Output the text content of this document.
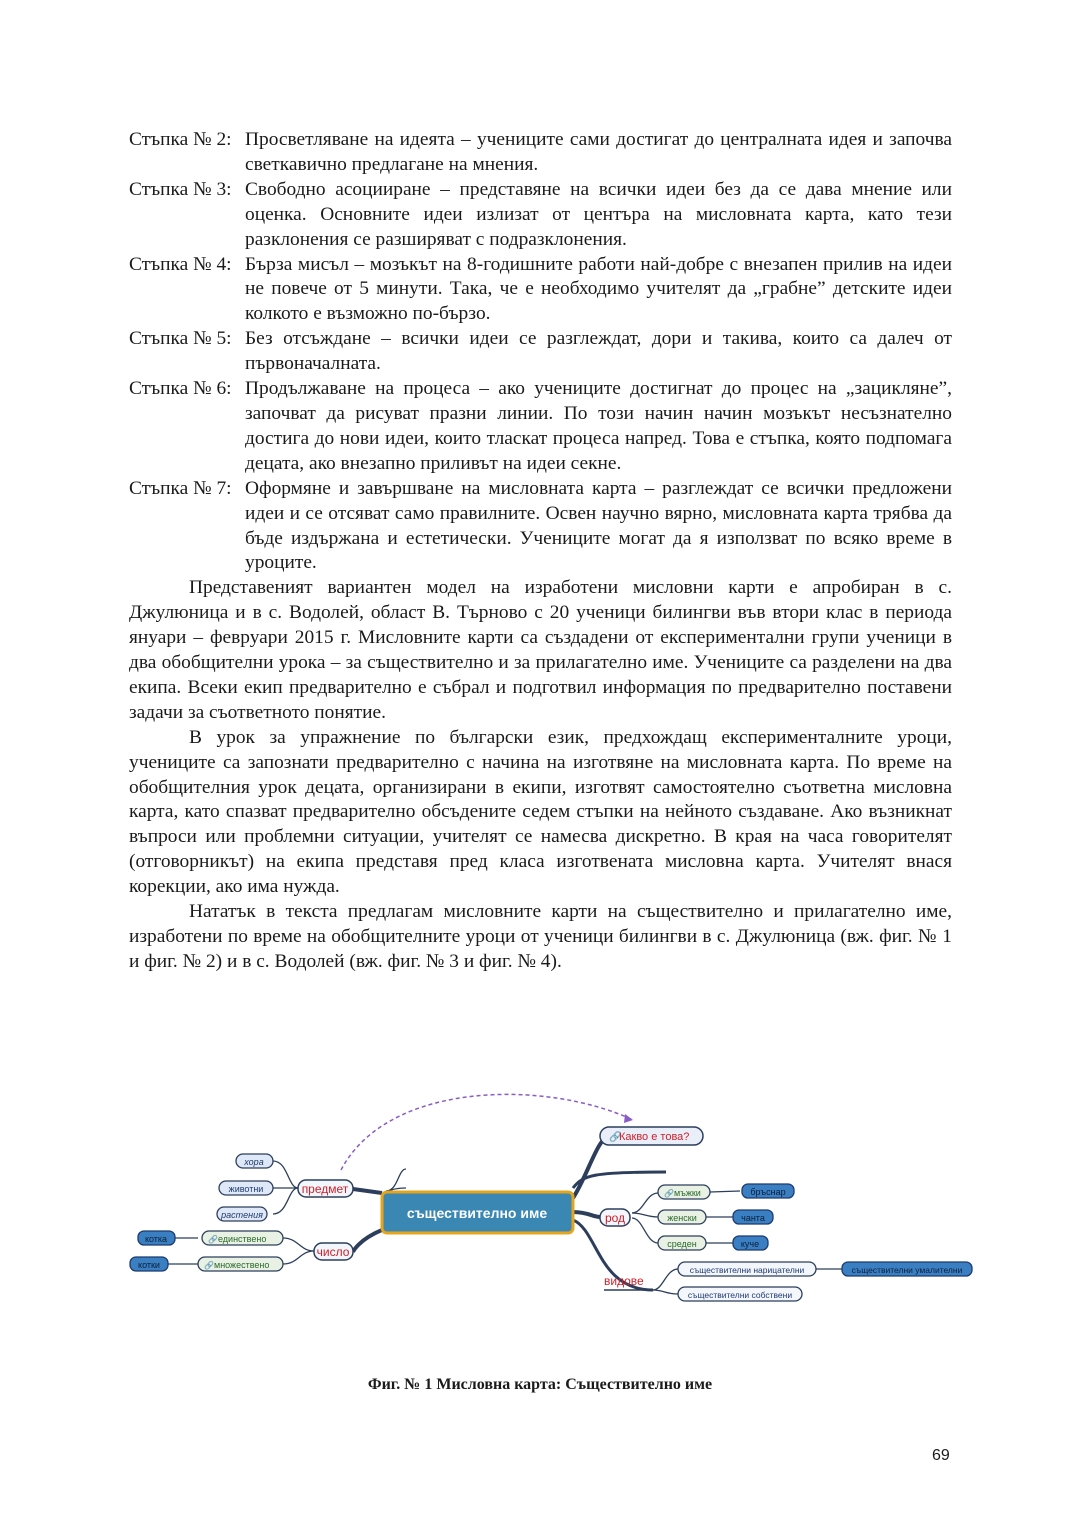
Стъпка № 2: Просветляване на идеята – учениците сами достигат до централната идея и започва светкавично предлагане на мнения.
Стъпка № 3: Свободно асоцииране – представяне на всички идеи без да се дава мнение или оценка. Основните идеи излизат от центъра на мисловната карта, като тези разклонения се разширяват с подразклонения.
Стъпка № 4: Бърза мисъл – мозъкът на 8-годишните работи най-добре с внезапен прилив на идеи не повече от 5 минути. Така, че е необходимо учителят да „грабне” детските идеи колкото е възможно по-бързо.
Стъпка № 5: Без отсъждане – всички идеи се разглеждат, дори и такива, които са далеч от първоначалната.
Стъпка № 6: Продължаване на процеса – ако учениците достигнат до процес на „зациклянe”, започват да рисуват празни линии. По този начин начин мозъкът несъзнателно достига до нови идеи, които тласкат процеса напред. Това е стъпка, която подпомага децата, ако внезапно приливът на идеи секне.
Стъпка № 7: Оформяне и завършване на мисловната карта – разглеждат се всички предложени идеи и се отсяват само правилните. Освен научно вярно, мисловната карта трябва да бъде издържана и естетически. Учениците могат да я използват по всяко време в уроците.
Представеният вариантен модел на изработени мисловни карти е апробиран в с. Джулюница и в с. Водолей, област В. Търново с 20 ученици билингви във втори клас в периода януари – февруари 2015 г. Мисловните карти са създадени от експериментални групи ученици в два обобщителни урока – за съществително и за прилагателно име. Учениците са разделени на два екипа. Всеки екип предварително е събрал и подготвил информация по предварително поставени задачи за съответното понятие.
В урок за упражнение по български език, предхождащ експерименталните уроци, учениците са запознати предварително с начина на изготвяне на мисловната карта. По време на обобщителния урок децата, организирани в екипи, изготвят самостоятелно съответна мисловна карта, като спазват предварително обсъдените седем стъпки на нейното създаване. Ако възникнат въпроси или проблемни ситуации, учителят се намесва дискретно. В края на часа говорителят (отговорникът) на екипа представя пред класа изготвената мисловна карта. Учителят внася корекции, ако има нужда.
Нататък в текста предлагам мисловните карти на съществително и прилагателно име, изработени по време на обобщителните уроци от ученици билингви в с. Джулюница (вж. фиг. № 1 и фиг. № 2) и в с. Водолей (вж. фиг. № 3 и фиг. № 4).
съществително име
🔗
Какво е това?
предмет
хора
животни
растения
число
🔗 единствено
🔗 множествено
котка
котки
род
🔗 мъжки
женски
среден
бръснар
чанта
куче
видове
съществителни нарицателни	съществителни умалителни
съществителни собствени
Фиг. № 1 Мисловна карта: Съществително име
69
